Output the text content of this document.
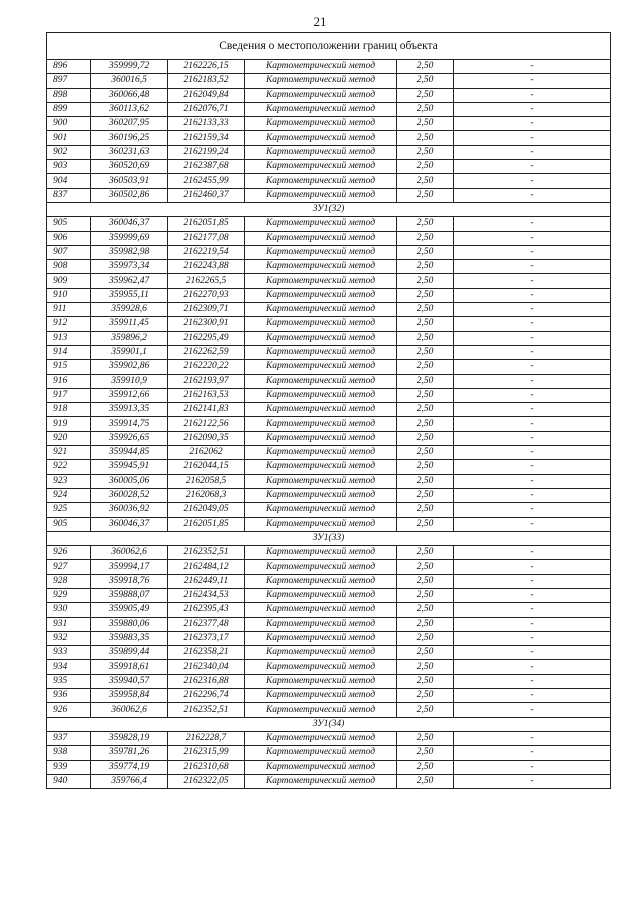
21
Сведения о местоположении границ объекта					
896	359999,72	2162226,15	Картометрический метод	2,50	-
897	360016,5	2162183,52	Картометрический метод	2,50	-
898	360066,48	2162049,84	Картометрический метод	2,50	-
899	360113,62	2162076,71	Картометрический метод	2,50	-
900	360207,95	2162133,33	Картометрический метод	2,50	-
901	360196,25	2162159,34	Картометрический метод	2,50	-
902	360231,63	2162199,24	Картометрический метод	2,50	-
903	360520,69	2162387,68	Картометрический метод	2,50	-
904	360503,91	2162455,99	Картометрический метод	2,50	-
837	360502,86	2162460,37	Картометрический метод	2,50	-
ЗУ1(32)					
905	360046,37	2162051,85	Картометрический метод	2,50	-
906	359999,69	2162177,08	Картометрический метод	2,50	-
907	359982,98	2162219,54	Картометрический метод	2,50	-
908	359973,34	2162243,88	Картометрический метод	2,50	-
909	359962,47	2162265,5	Картометрический метод	2,50	-
910	359955,11	2162270,93	Картометрический метод	2,50	-
911	359928,6	2162309,71	Картометрический метод	2,50	-
912	359911,45	2162300,91	Картометрический метод	2,50	-
913	359896,2	2162295,49	Картометрический метод	2,50	-
914	359901,1	2162262,59	Картометрический метод	2,50	-
915	359902,86	2162220,22	Картометрический метод	2,50	-
916	359910,9	2162193,97	Картометрический метод	2,50	-
917	359912,66	2162163,53	Картометрический метод	2,50	-
918	359913,35	2162141,83	Картометрический метод	2,50	-
919	359914,75	2162122,56	Картометрический метод	2,50	-
920	359926,65	2162090,35	Картометрический метод	2,50	-
921	359944,85	2162062	Картометрический метод	2,50	-
922	359945,91	2162044,15	Картометрический метод	2,50	-
923	360005,06	2162058,5	Картометрический метод	2,50	-
924	360028,52	2162068,3	Картометрический метод	2,50	-
925	360036,92	2162049,05	Картометрический метод	2,50	-
905	360046,37	2162051,85	Картометрический метод	2,50	-
ЗУ1(33)					
926	360062,6	2162352,51	Картометрический метод	2,50	-
927	359994,17	2162484,12	Картометрический метод	2,50	-
928	359918,76	2162449,11	Картометрический метод	2,50	-
929	359888,07	2162434,53	Картометрический метод	2,50	-
930	359905,49	2162395,43	Картометрический метод	2,50	-
931	359880,06	2162377,48	Картометрический метод	2,50	-
932	359883,35	2162373,17	Картометрический метод	2,50	-
933	359899,44	2162358,21	Картометрический метод	2,50	-
934	359918,61	2162340,04	Картометрический метод	2,50	-
935	359940,57	2162316,88	Картометрический метод	2,50	-
936	359958,84	2162296,74	Картометрический метод	2,50	-
926	360062,6	2162352,51	Картометрический метод	2,50	-
ЗУ1(34)					
937	359828,19	2162228,7	Картометрический метод	2,50	-
938	359781,26	2162315,99	Картометрический метод	2,50	-
939	359774,19	2162310,68	Картометрический метод	2,50	-
940	359766,4	2162322,05	Картометрический метод	2,50	-
